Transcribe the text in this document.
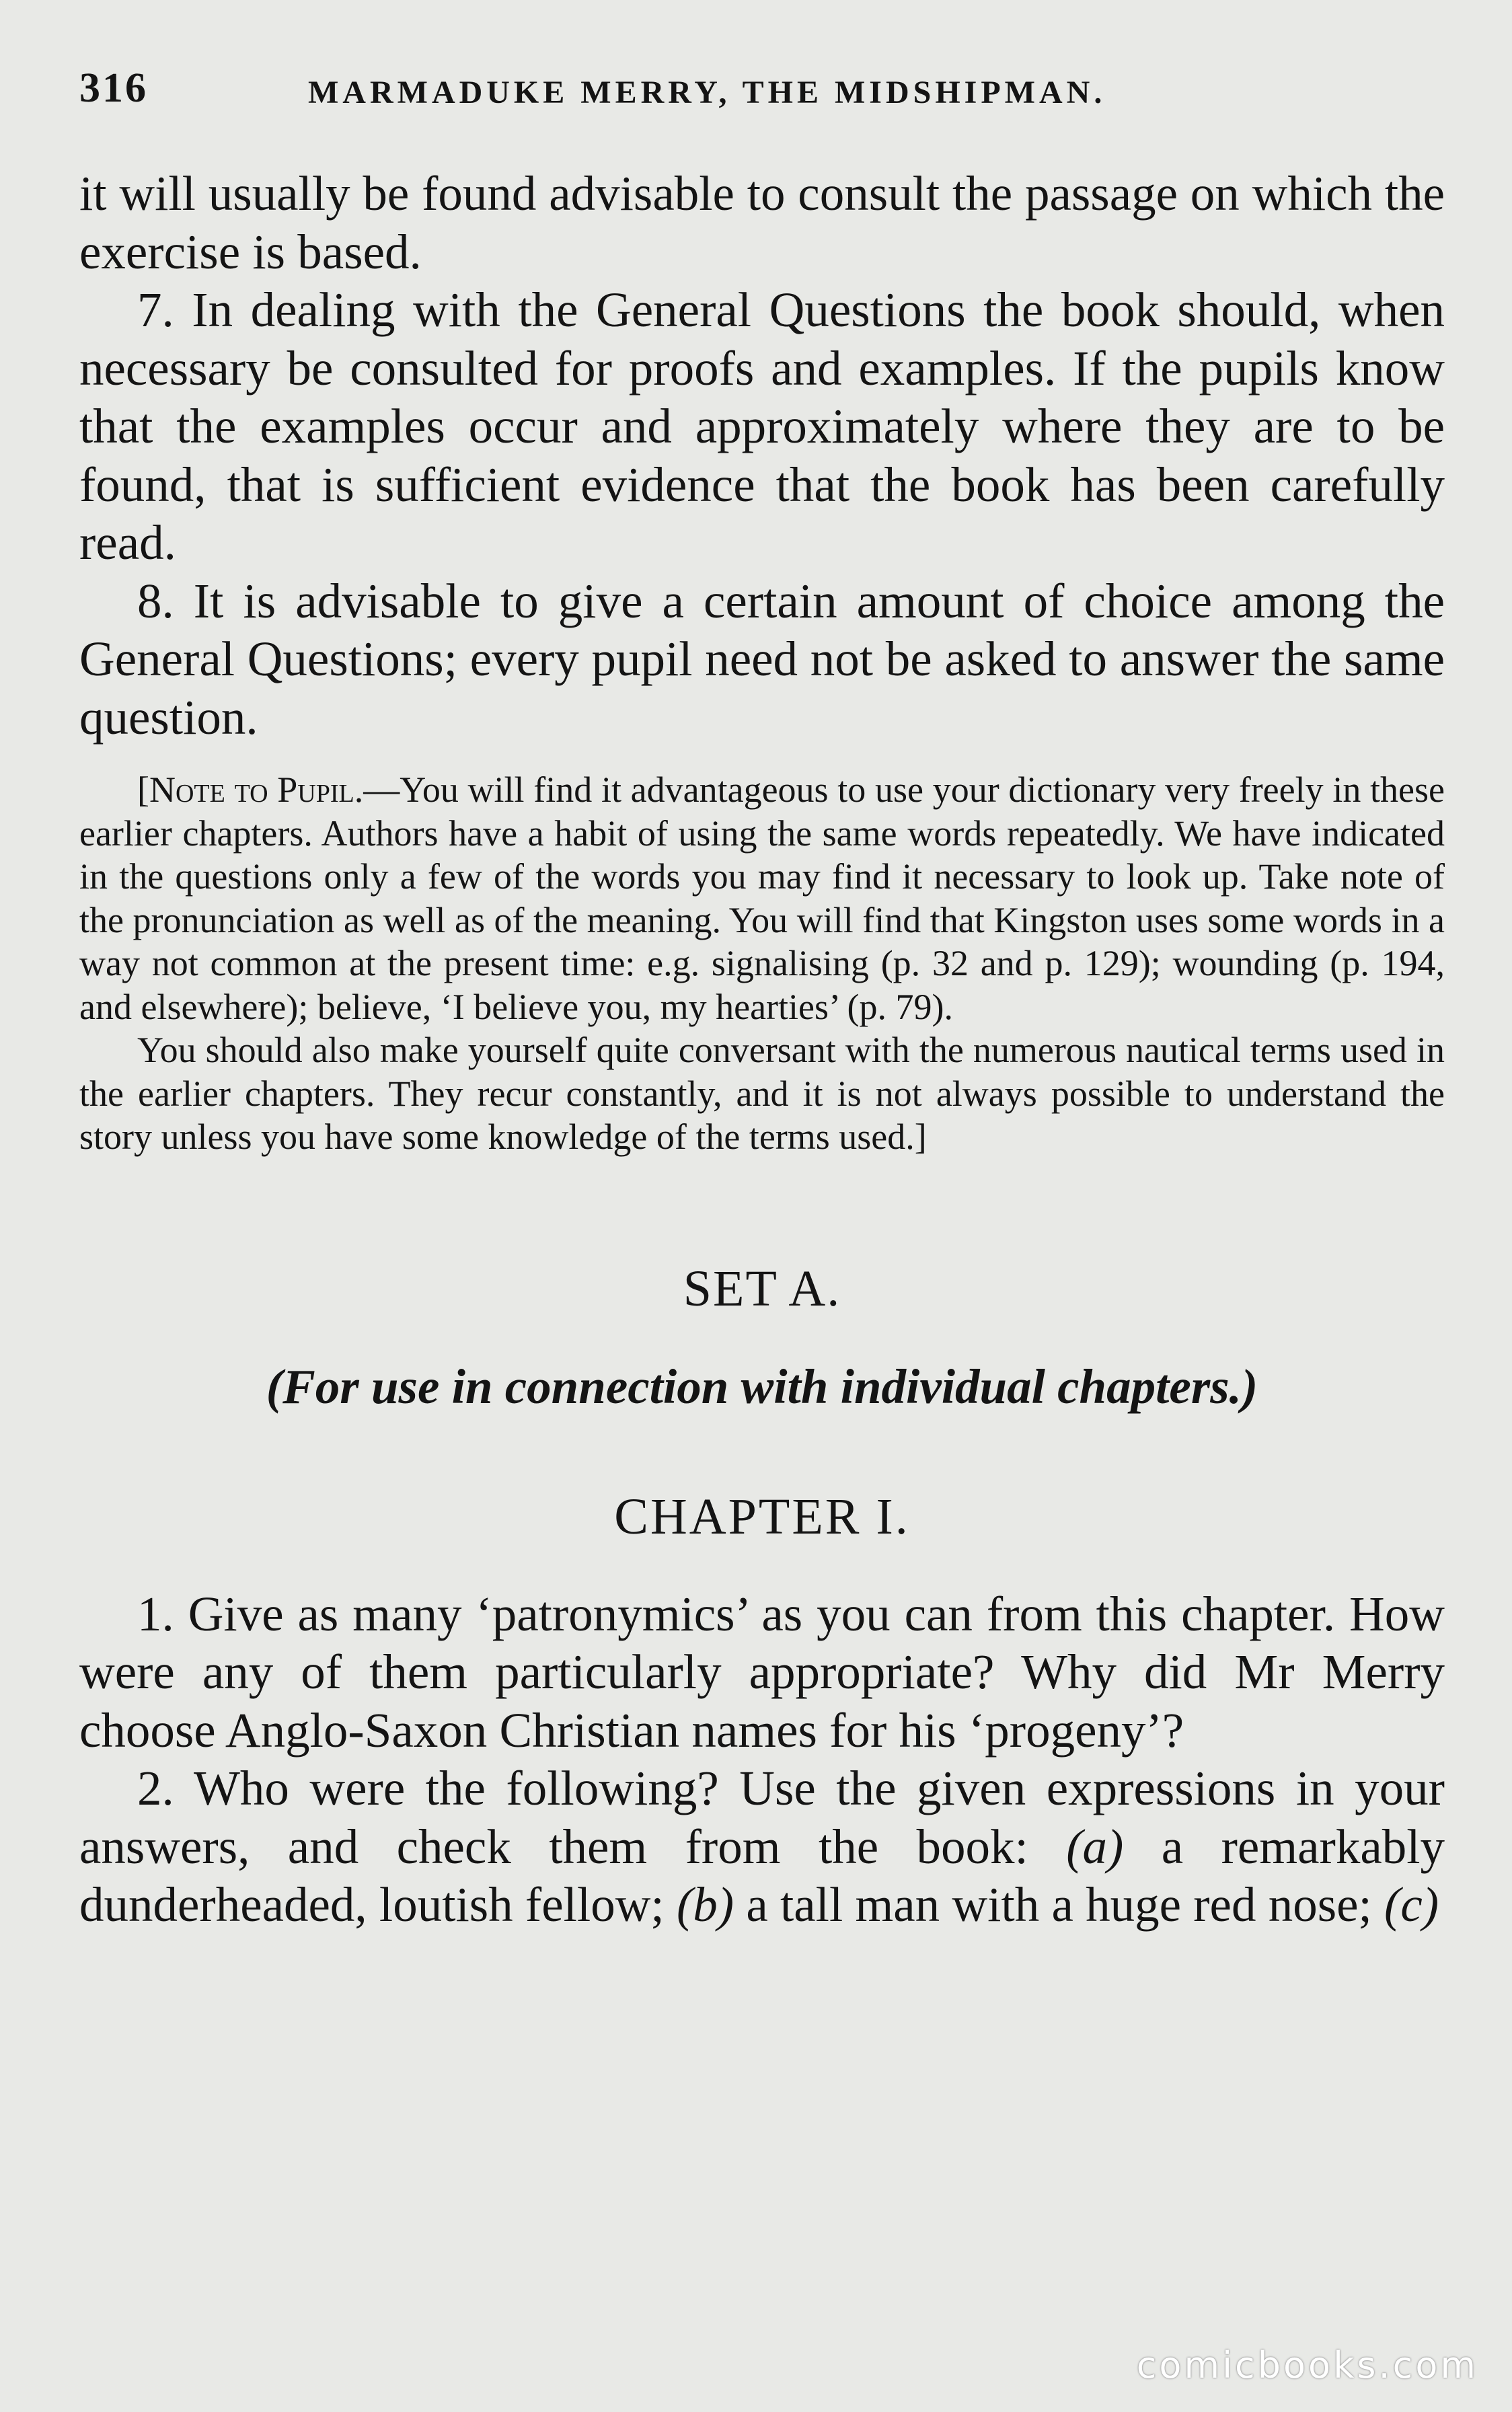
316	MARMADUKE MERRY, THE MIDSHIPMAN.

it will usually be found advisable to consult the passage on which the exercise is based.

7. In dealing with the General Questions the book should, when necessary be consulted for proofs and examples. If the pupils know that the examples occur and approximately where they are to be found, that is sufficient evidence that the book has been carefully read.

8. It is advisable to give a certain amount of choice among the General Questions; every pupil need not be asked to answer the same question.

[Note to Pupil.—You will find it advantageous to use your dictionary very freely in these earlier chapters. Authors have a habit of using the same words repeatedly. We have indicated in the questions only a few of the words you may find it necessary to look up. Take note of the pronunciation as well as of the meaning. You will find that Kingston uses some words in a way not common at the present time: e.g. signalising (p. 32 and p. 129); wounding (p. 194, and elsewhere); believe, ‘I believe you, my hearties’ (p. 79).

You should also make yourself quite conversant with the numerous nautical terms used in the earlier chapters. They recur constantly, and it is not always possible to understand the story unless you have some knowledge of the terms used.]

SET A.
(For use in connection with individual chapters.)
CHAPTER I.

1. Give as many ‘patronymics’ as you can from this chapter. How were any of them particularly appropriate? Why did Mr Merry choose Anglo-Saxon Christian names for his ‘progeny’?

2. Who were the following? Use the given expressions in your answers, and check them from the book: (a) a remarkably dunderheaded, loutish fellow; (b) a tall man with a huge red nose; (c)

comicbooks.com
